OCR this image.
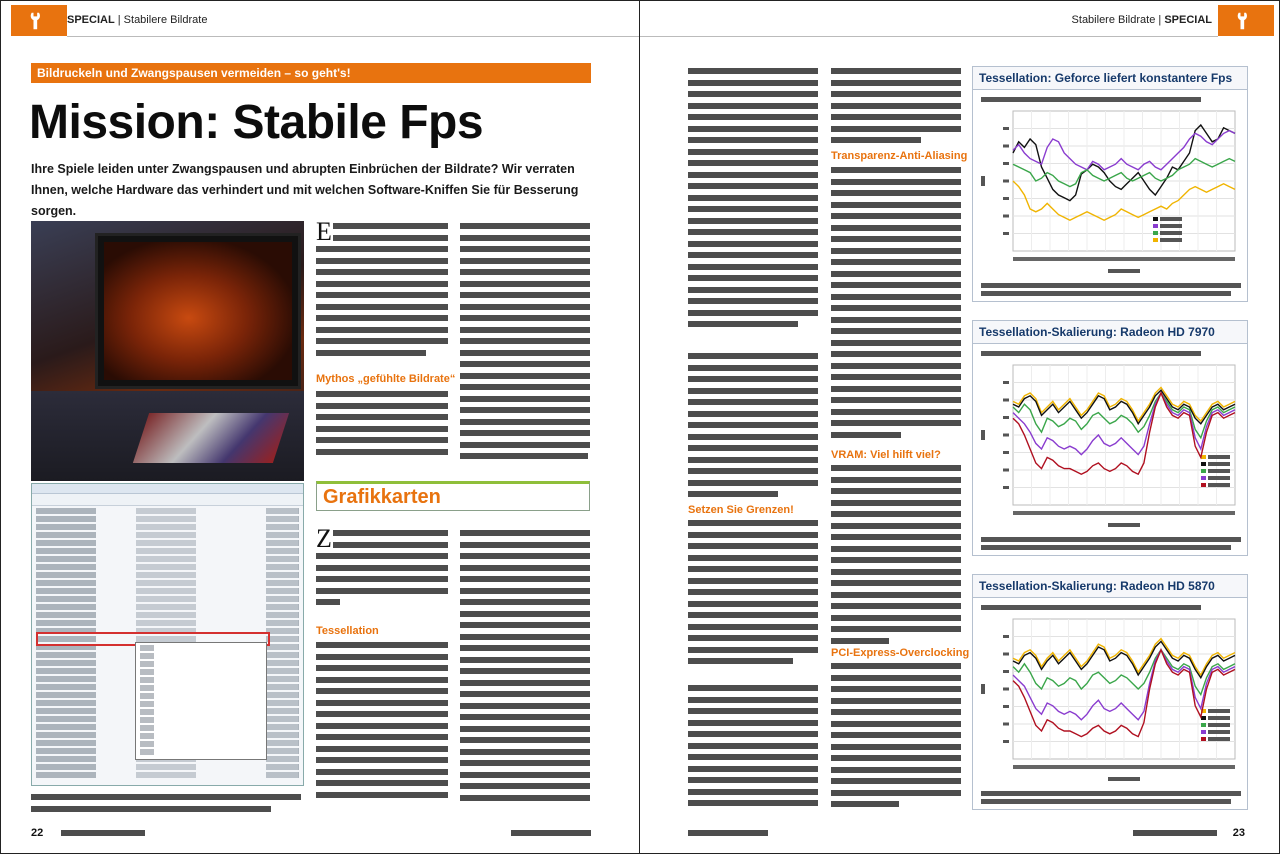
SPECIAL | Stabilere Bildrate
Bildruckeln und Zwangspausen vermeiden – so geht's!
Mission: Stabile Fps
Ihre Spiele leiden unter Zwangspausen und abrupten Einbrüchen der Bildrate? Wir verraten Ihnen, welche Hardware das verhindert und mit welchen Software-Kniffen Sie für Besserung sorgen.
E
Mythos „gefühlte Bildrate“
Grafikkarten
Z
Tessellation
22
Stabilere Bildrate | SPECIAL
Setzen Sie Grenzen!
Transparenz-Anti-Aliasing
VRAM: Viel hilft viel?
PCI-Express-Overclocking
23
Tessellation: Geforce liefert konstantere Fps
Tessellation-Skalierung: Radeon HD 7970
Tessellation-Skalierung: Radeon HD 5870
